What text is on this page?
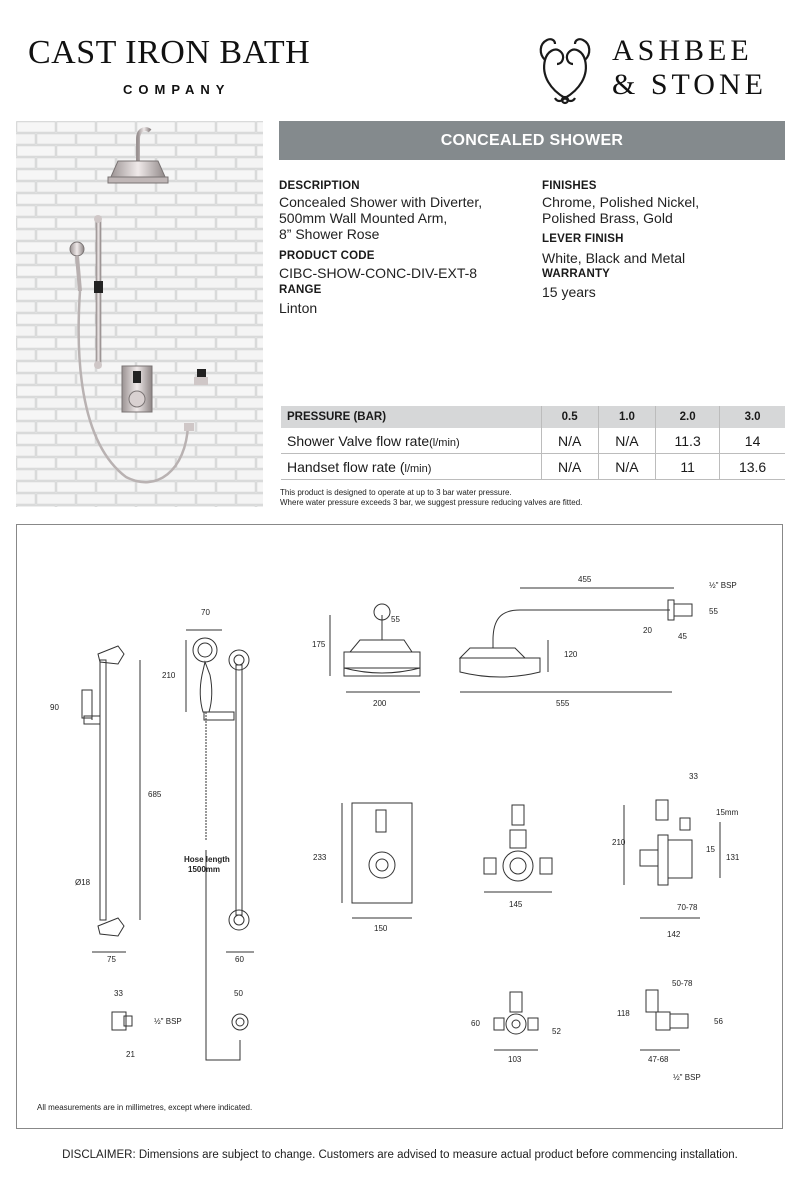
CAST IRON BATH
COMPANY
ASHBEE
& STONE
CONCEALED SHOWER
DESCRIPTION
Concealed Shower with Diverter,
500mm Wall Mounted Arm,
8” Shower Rose
PRODUCT CODE
CIBC-SHOW-CONC-DIV-EXT-8
RANGE
Linton
FINISHES
Chrome, Polished Nickel,
Polished Brass, Gold
LEVER FINISH
White, Black and Metal
WARRANTY
15 years
PRESSURE (BAR)	0.5	1.0	2.0	3.0
Shower Valve flow rate(l/min)	N/A	N/A	11.3	14
Handset flow rate (l/min)	N/A	N/A	11	13.6
This product is designed to operate at up to 3 bar water pressure.
Where water pressure exceeds 3 bar, we suggest pressure reducing valves are fitted.
70
210
90
685
Ø18
75	60
Hose length
1500mm
175
55
200
455
½" BSP
55
20
45
120
555
233
150
145
33
15mm
210
15
131
70-78
142
33
½" BSP
21
50
60
52
103
50-78
118
56
47-68
½" BSP
All measurements are in millimetres, except where indicated.
DISCLAIMER: Dimensions are subject to change. Customers are advised to measure actual product before commencing installation.
